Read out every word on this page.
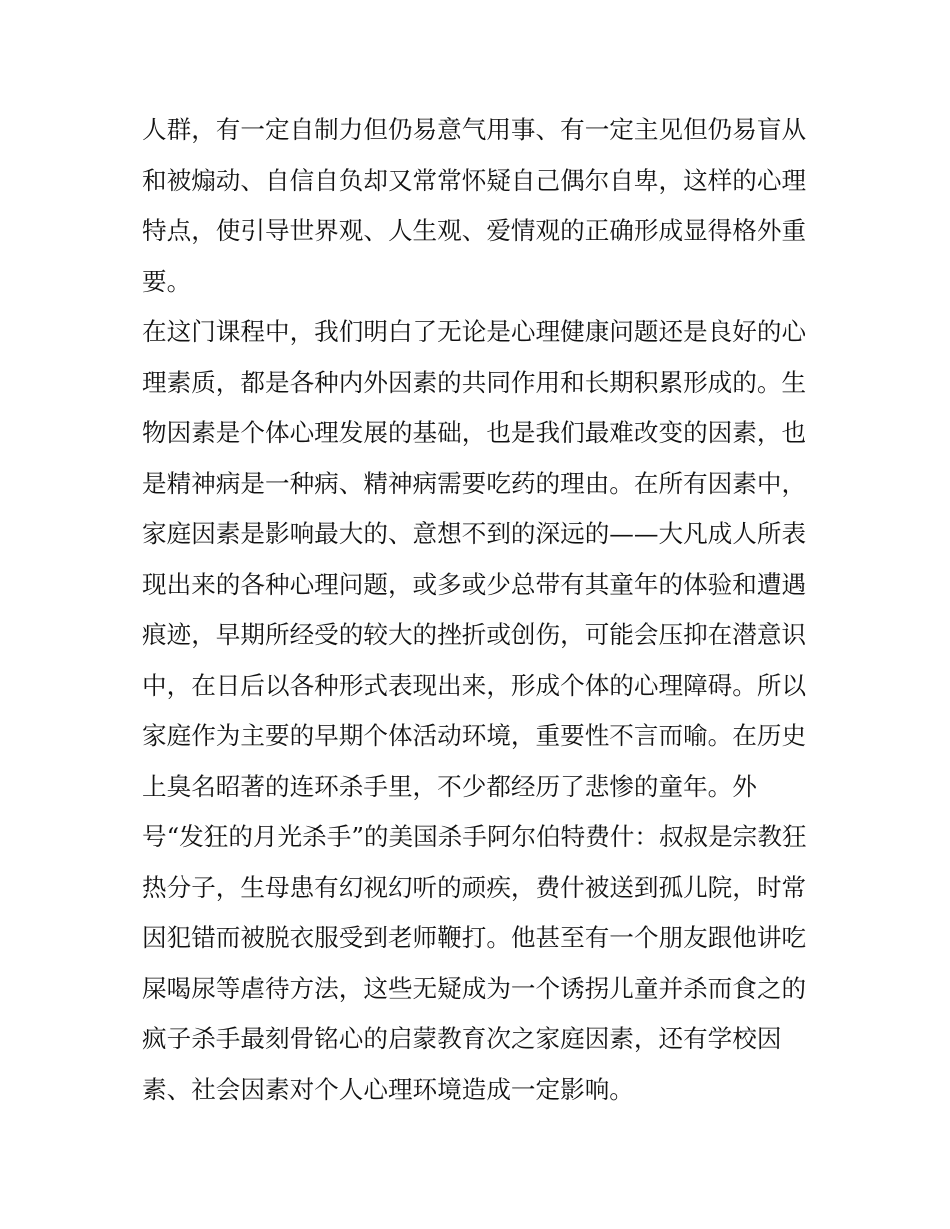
人群，有一定自制力但仍易意气用事、有一定主见但仍易盲从
和被煽动、自信自负却又常常怀疑自己偶尔自卑，这样的心理
特点，使引导世界观、人生观、爱情观的正确形成显得格外重
要。
在这门课程中，我们明白了无论是心理健康问题还是良好的心
理素质，都是各种内外因素的共同作用和长期积累形成的。生
物因素是个体心理发展的基础，也是我们最难改变的因素，也
是精神病是一种病、精神病需要吃药的理由。在所有因素中，
家庭因素是影响最大的、意想不到的深远的——大凡成人所表
现出来的各种心理问题，或多或少总带有其童年的体验和遭遇
痕迹，早期所经受的较大的挫折或创伤，可能会压抑在潜意识
中，在日后以各种形式表现出来，形成个体的心理障碍。所以
家庭作为主要的早期个体活动环境，重要性不言而喻。在历史
上臭名昭著的连环杀手里，不少都经历了悲惨的童年。外
号“发狂的月光杀手”的美国杀手阿尔伯特费什：叔叔是宗教狂
热分子，生母患有幻视幻听的顽疾，费什被送到孤儿院，时常
因犯错而被脱衣服受到老师鞭打。他甚至有一个朋友跟他讲吃
屎喝尿等虐待方法，这些无疑成为一个诱拐儿童并杀而食之的
疯子杀手最刻骨铭心的启蒙教育次之家庭因素，还有学校因
素、社会因素对个人心理环境造成一定影响。
